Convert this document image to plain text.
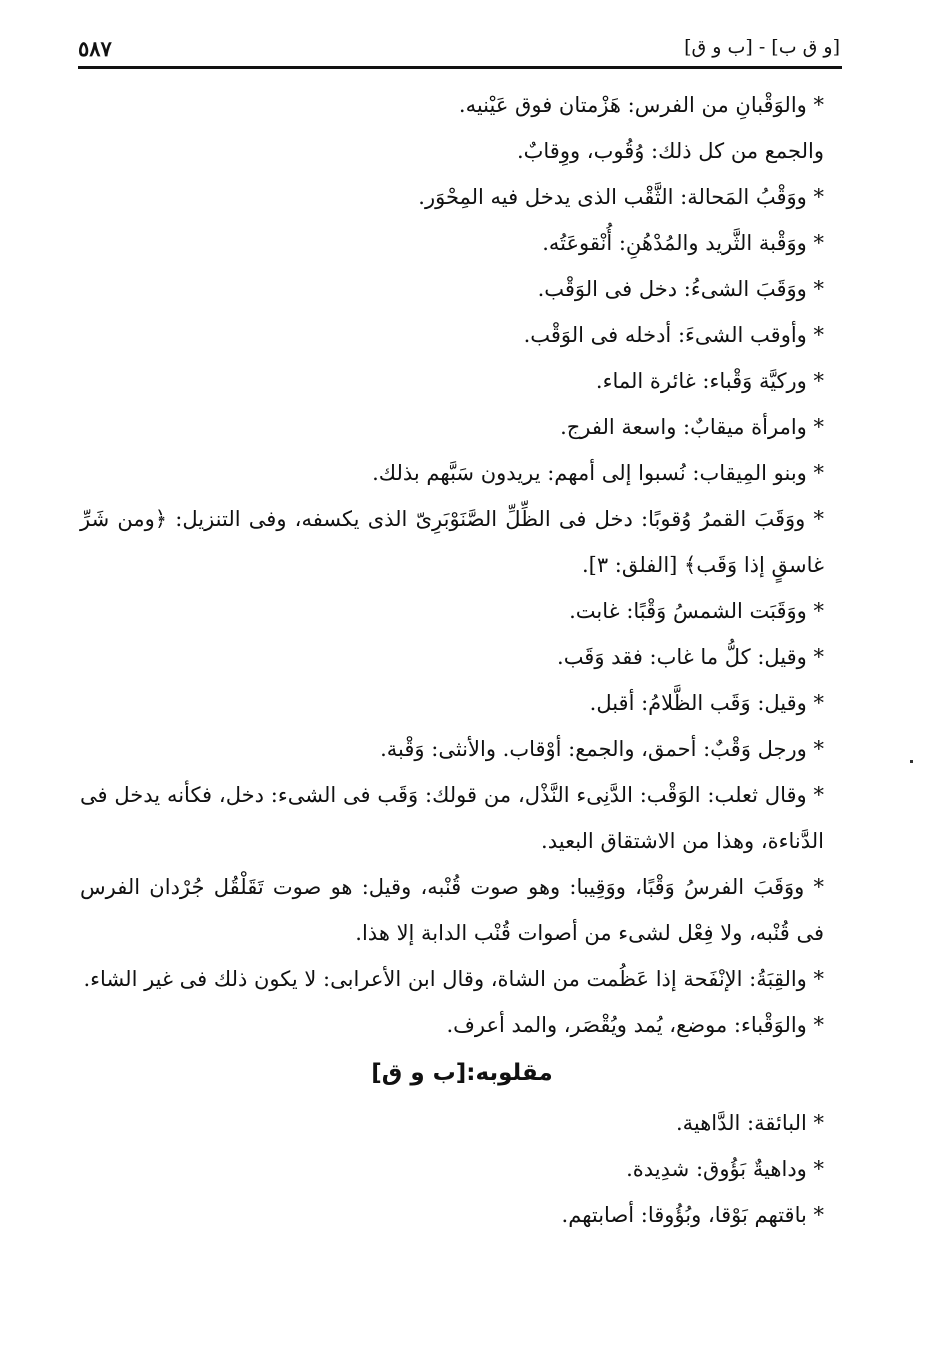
٥٨٧	[و ق ب] - [ب و ق]
* والوَقْبانِ من الفرس: هَزْمتان فوق عَيْنيه.
والجمع من كل ذلك: وُقُوب، ووِقابٌ.
* ووَقْبُ المَحالة: الثَّقْب الذى يدخل فيه المِحْوَر.
* ووَقْبة الثَّريد والمُدْهُنِ: أُنْقوعَتُه.
* ووَقَبَ الشىءُ: دخل فى الوَقْب.
* وأوقب الشىءَ: أدخله فى الوَقْب.
* وركيَّة وَقْباء: غائرة الماء.
* وامرأة ميقابٌ: واسعة الفرج.
* وبنو المِيقاب: نُسبوا إلى أمهم: يريدون سَبَّهم بذلك.
* ووَقَبَ القمرُ وُقوبًا: دخل فى الظِّلِّ الصَّنَوْبَرِىّ الذى يكسفه، وفى التنزيل: ﴿ومن شَرِّ غاسقٍ إذا وَقَب﴾ [الفلق: ٣].
* ووَقَبَت الشمسُ وَقْبًا: غابت.
* وقيل: كلُّ ما غاب: فقد وَقَب.
* وقيل: وَقَب الظَّلامُ: أقبل.
* ورجل وَقْبٌ: أحمق، والجمع: أوْقاب. والأنثى: وَقْبة.
* وقال ثعلب: الوَقْب: الدَّنِىء النَّذْل، من قولك: وَقَب فى الشىء: دخل، فكأنه يدخل فى الدَّناءة، وهذا من الاشتقاق البعيد.
* ووَقَبَ الفرسُ وَقْبًا، ووَقِيبا: وهو صوت قُنْبه، وقيل: هو صوت تَقَلْقُل جُرْدان الفرس فى قُنْبه، ولا فِعْل لشىء من أصوات قُنْب الدابة إلا هذا.
* والقِبَةُ: الإنْفَحة إذا عَظُمت من الشاة، وقال ابن الأعرابى: لا يكون ذلك فى غير الشاء.
* والوَقْباء: موضع، يُمد ويُقْصَر، والمد أعرف.
مقلوبه:[ب و ق]
* البائقة: الدَّاهية.
* وداهيةٌ بَؤُوق: شدِيدة.
* باقتهم بَوْقا، وبُؤُوقا: أصابتهم.
